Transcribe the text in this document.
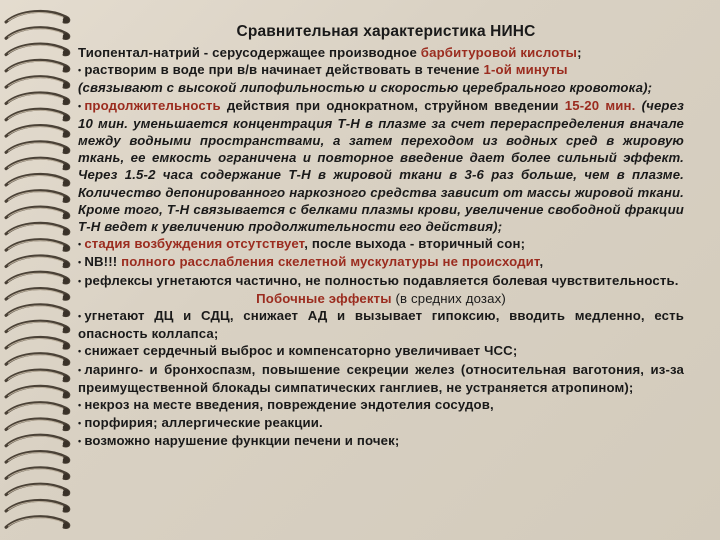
Сравнительная характеристика НИНС
Тиопентал-натрий - серусодержащее производное барбитуровой кислоты;
• растворим в воде при в/в начинает действовать в течение 1-ой минуты
(связывают с высокой липофильностью и скоростью церебрального кровотока);
• продолжительность действия при однократном, струйном введении 15-20 мин. (через 10 мин. уменьшается концентрация Т-Н в плазме за счет перераспределения вначале между водными пространствами, а затем переходом из водных сред в жировую ткань, ее емкость ограничена и повторное введение дает более сильный эффект. Через 1.5-2 часа содержание Т-Н в жировой ткани в 3-6 раз больше, чем в плазме. Количество депонированного наркозного средства зависит от массы жировой ткани. Кроме того, Т-Н связывается с белками плазмы крови, увеличение свободной фракции Т-Н ведет к увеличению продолжительности его действия);
• стадия возбуждения отсутствует, после выхода - вторичный сон;
• NB!!! полного расслабления скелетной мускулатуры не происходит,
• рефлексы угнетаются частично, не полностью подавляется болевая чувствительность.
Побочные эффекты (в средних дозах)
• угнетают ДЦ и СДЦ, снижает АД и вызывает гипоксию, вводить медленно, есть опасность коллапса;
• снижает сердечный выброс и компенсаторно увеличивает ЧСС;
• ларинго- и бронхоспазм, повышение секреции желез (относительная ваготония, из-за преимущественной блокады симпатических ганглиев, не устраняется атропином);
• некроз на месте введения, повреждение эндотелия сосудов,
• порфирия; аллергические реакции.
• возможно нарушение функции печени и почек;
